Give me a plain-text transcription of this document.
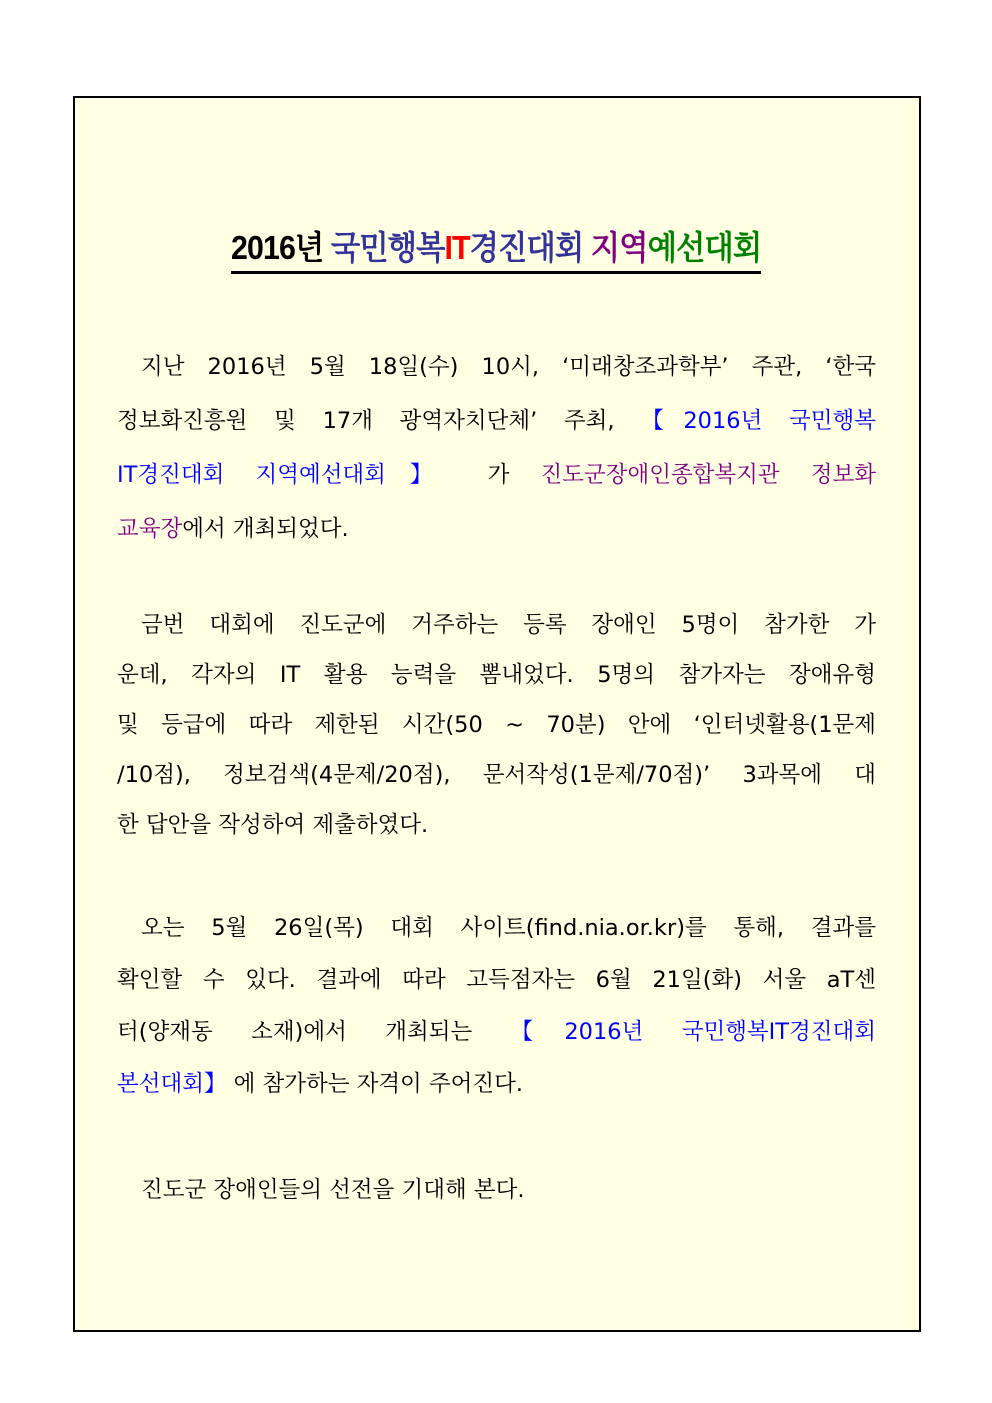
2016년 국민행복IT경진대회 지역예선대회
지난 2016년 5월 18일(수) 10시, ‘미래창조과학부’ 주관, ‘한국
정보화진흥원 및 17개 광역자치단체’ 주최, 【2016년 국민행복
IT경진대회 지역예선대회】 가 진도군장애인종합복지관 정보화
교육장에서 개최되었다.
금번 대회에 진도군에 거주하는 등록 장애인 5명이 참가한 가
운데, 각자의 IT 활용 능력을 뽐내었다. 5명의 참가자는 장애유형
및 등급에 따라 제한된 시간(50 ~ 70분) 안에 ‘인터넷활용(1문제
/10점), 정보검색(4문제/20점), 문서작성(1문제/70점)’ 3과목에 대
한 답안을 작성하여 제출하였다.
오는 5월 26일(목) 대회 사이트(find.nia.or.kr)를 통해, 결과를
확인할 수 있다. 결과에 따라 고득점자는 6월 21일(화) 서울 aT센
터(양재동 소재)에서 개최되는 【2016년 국민행복IT경진대회
본선대회】 에 참가하는 자격이 주어진다.
진도군 장애인들의 선전을 기대해 본다.
